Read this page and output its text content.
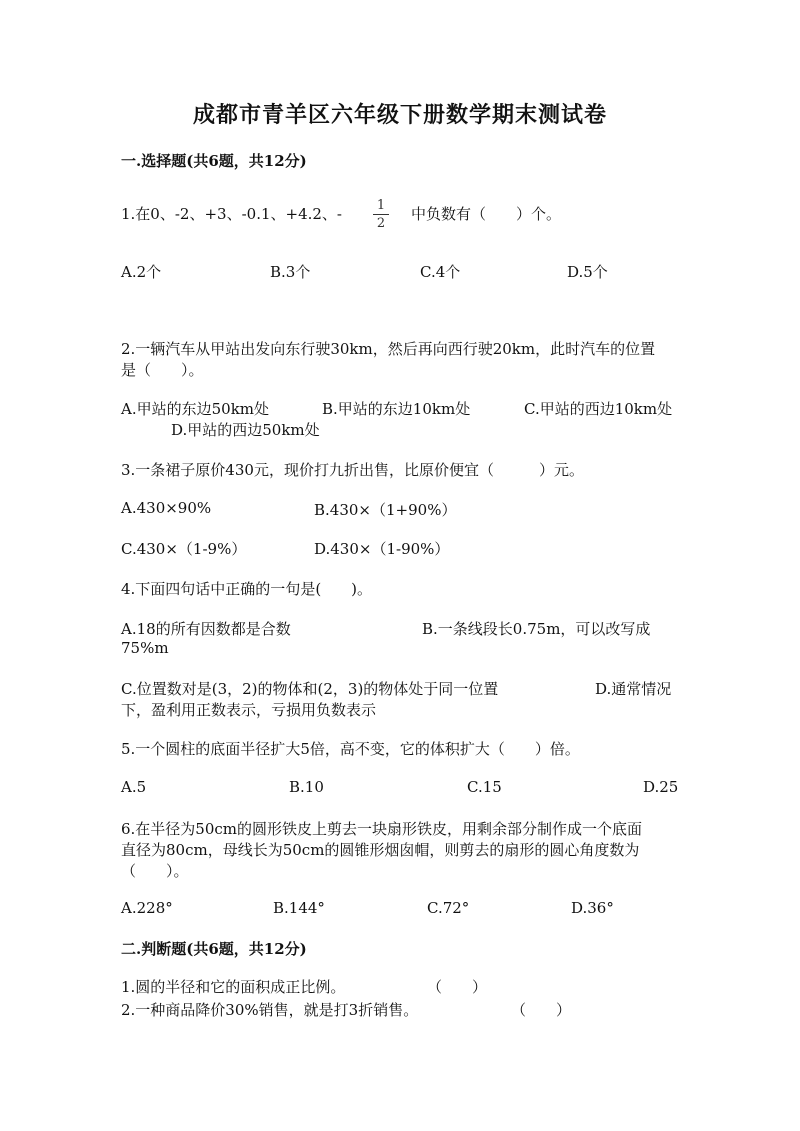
成都市青羊区六年级下册数学期末测试卷
一.选择题(共6题，共12分)
1.在0、-2、+3、-0.1、+4.2、-	1
2
中负数有（　　）个。
A.2个	B.3个	C.4个	D.5个
2.一辆汽车从甲站出发向东行驶30km，然后再向西行驶20km，此时汽车的位置
是（　　）。
A.甲站的东边50km处	B.甲站的东边10km处	C.甲站的西边10km处
D.甲站的西边50km处
3.一条裙子原价430元，现价打九折出售，比原价便宜（　　　）元。
A.430×90%	B.430×（1+90%）
C.430×（1-9%）	D.430×（1-90%）
4.下面四句话中正确的一句是(　　)。
A.18的所有因数都是合数	B.一条线段长0.75m，可以改写成
75%m
C.位置数对是(3，2)的物体和(2，3)的物体处于同一位置	D.通常情况
下，盈利用正数表示，亏损用负数表示
5.一个圆柱的底面半径扩大5倍，高不变，它的体积扩大（　　）倍。
A.5	B.10	C.15	D.25
6.在半径为50cm的圆形铁皮上剪去一块扇形铁皮，用剩余部分制作成一个底面
直径为80cm，母线长为50cm的圆锥形烟囱帽，则剪去的扇形的圆心角度数为
（　　）。
A.228°	B.144°	C.72°	D.36°
二.判断题(共6题，共12分)
1.圆的半径和它的面积成正比例。	（　　）
2.一种商品降价30%销售，就是打3折销售。	（　　）
